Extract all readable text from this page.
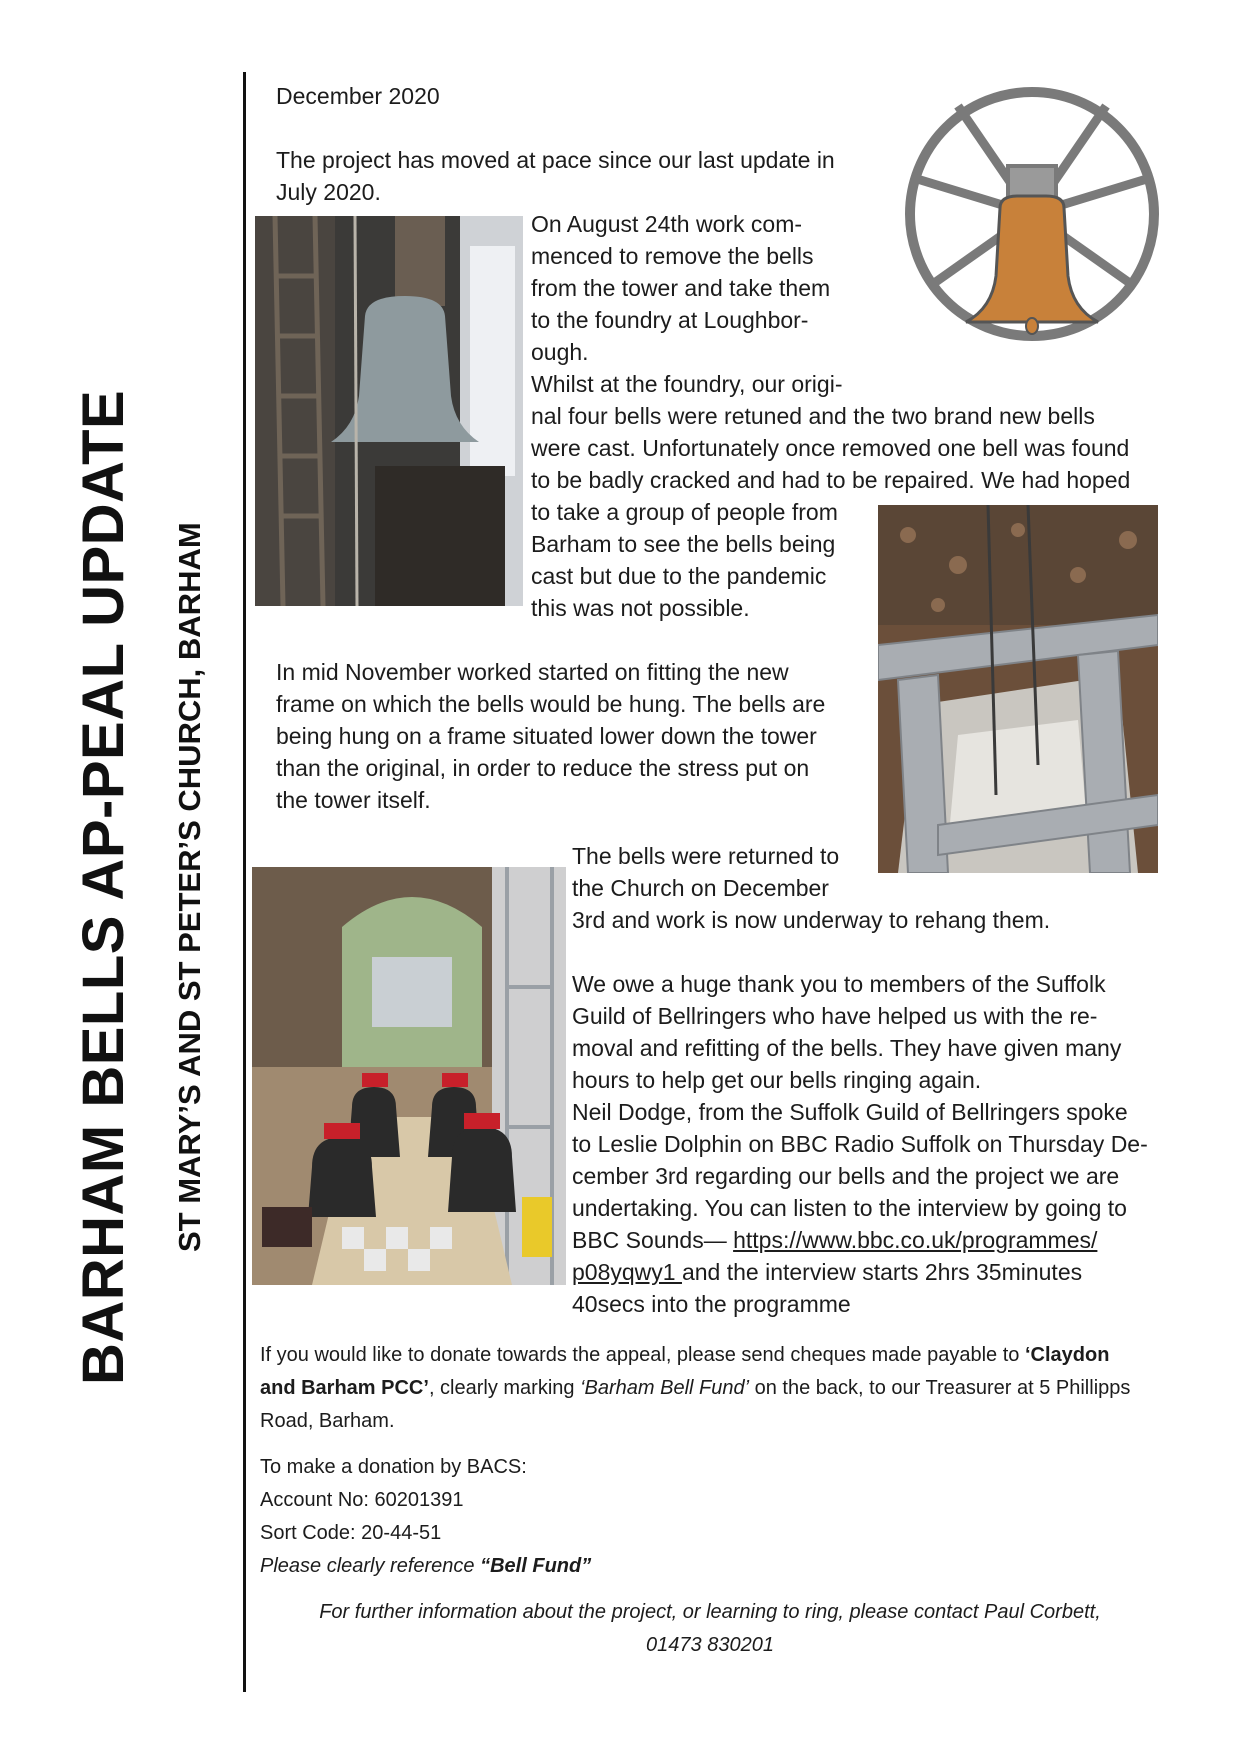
BARHAM BELLS AP-PEAL UPDATE ST MARY’S AND ST PETER’S CHURCH, BARHAM
December 2020
The project has moved at pace since our last update in
July 2020.
On August 24th work com-
menced to remove the bells
from the tower and take them
to the foundry at Loughbor-
ough.
Whilst at the foundry, our origi-
nal four bells were retuned and the two brand new bells
were cast. Unfortunately once removed one bell was found
to be badly cracked and had to be repaired. We had hoped
to take a group of people from
Barham to see the bells being
cast but due to the pandemic
this was not possible.
In mid November worked started on fitting the new
frame on which the bells would be hung. The bells are
being hung on a frame situated lower down the tower
than the original, in order to reduce the stress put on
the tower itself.
The bells were returned to
the Church on December
3rd and work is now underway to rehang them.
We owe a huge thank you to members of the Suffolk
Guild of Bellringers who have helped us with the re-
moval and refitting of the bells. They have given many
hours to help get our bells ringing again.
Neil Dodge, from the Suffolk Guild of Bellringers spoke
to Leslie Dolphin on BBC Radio Suffolk on Thursday De-
cember 3rd regarding our bells and the project we are
undertaking. You can listen to the interview by going to
BBC Sounds— https://www.bbc.co.uk/programmes/
p08yqwy1 and the interview starts 2hrs 35minutes
40secs into the programme
If you would like to donate towards the appeal, please send cheques made payable to ‘Claydon
and Barham PCC’, clearly marking ‘Barham Bell Fund’ on the back, to our Treasurer at 5 Phillipps
Road, Barham.
To make a donation by BACS:
Account No: 60201391
Sort Code: 20-44-51
Please clearly reference “Bell Fund”
For further information about the project, or learning to ring, please contact Paul Corbett,
01473 830201
